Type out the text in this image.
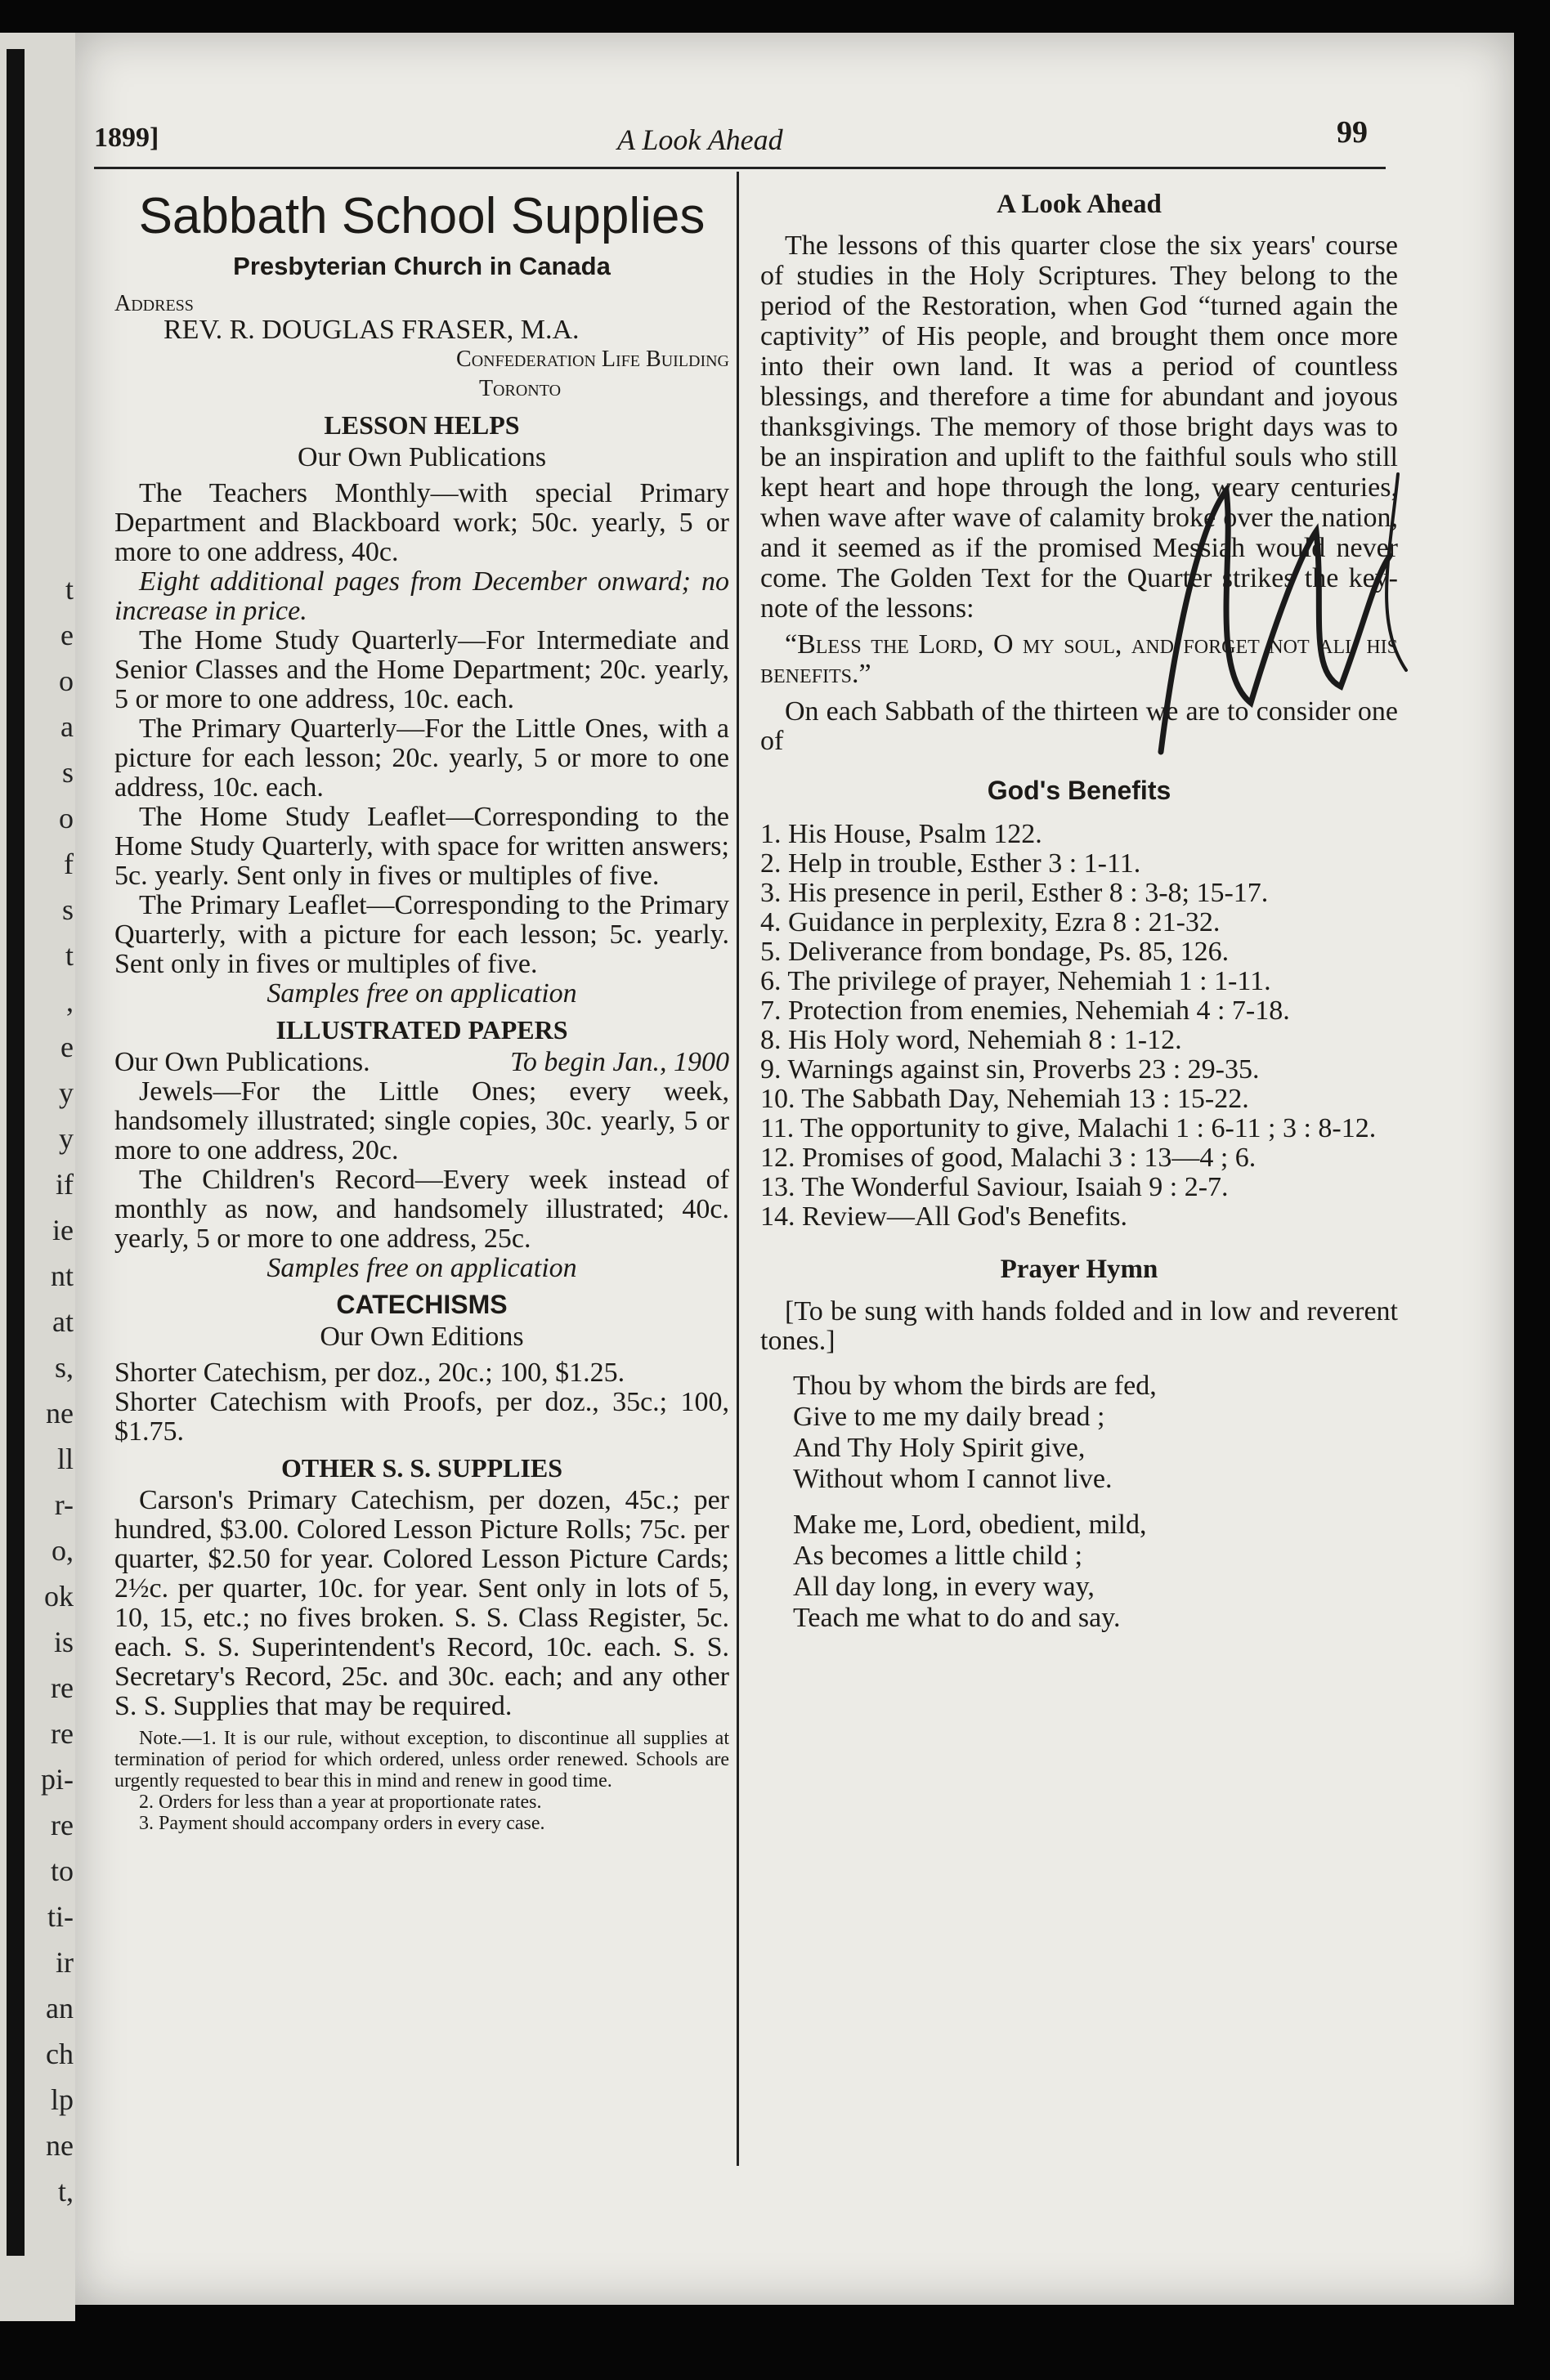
t
e
o
a
s
o
f
s
t
,
e
y
y
if
ie
nt
at
s,
ne
ll
r-
o,
ok
is
re
re
pi-
re
to
ti-
ir
an
ch
lp
ne
t,
1899]	A Look Ahead	99
Sabbath School Supplies
Presbyterian Church in Canada
Address
REV. R. DOUGLAS FRASER, M.A.
Confederation Life Building
Toronto
LESSON HELPS
Our Own Publications

The Teachers Monthly—with special Primary Department and Blackboard work; 50c. yearly, 5 or more to one address, 40c.

Eight additional pages from December onward; no increase in price.

The Home Study Quarterly—For Intermediate and Senior Classes and the Home Department; 20c. yearly, 5 or more to one address, 10c. each.

The Primary Quarterly—For the Little Ones, with a picture for each lesson; 20c. yearly, 5 or more to one address, 10c. each.

The Home Study Leaflet—Corresponding to the Home Study Quarterly, with space for written answers; 5c. yearly. Sent only in fives or multiples of five.

The Primary Leaflet—Corresponding to the Primary Quarterly, with a picture for each lesson; 5c. yearly. Sent only in fives or multiples of five.

Samples free on application
ILLUSTRATED PAPERS
Our Own Publications.	To begin Jan., 1900

Jewels—For the Little Ones; every week, handsomely illustrated; single copies, 30c. yearly, 5 or more to one address, 20c.

The Children's Record—Every week instead of monthly as now, and handsomely illustrated; 40c. yearly, 5 or more to one address, 25c.

Samples free on application
CATECHISMS
Our Own Editions

Shorter Catechism, per doz., 20c.; 100, $1.25.

Shorter Catechism with Proofs, per doz., 35c.; 100, $1.75.

OTHER S. S. SUPPLIES

Carson's Primary Catechism, per dozen, 45c.; per hundred, $3.00. Colored Lesson Picture Rolls; 75c. per quarter, $2.50 for year. Colored Lesson Picture Cards; 2½c. per quarter, 10c. for year. Sent only in lots of 5, 10, 15, etc.; no fives broken. S. S. Class Register, 5c. each. S. S. Superintendent's Record, 10c. each. S. S. Secretary's Record, 25c. and 30c. each; and any other S. S. Supplies that may be required.

Note.—1. It is our rule, without exception, to discontinue all supplies at termination of period for which ordered, unless order renewed. Schools are urgently requested to bear this in mind and renew in good time.

2. Orders for less than a year at proportionate rates.

3. Payment should accompany orders in every case.

A Look Ahead

The lessons of this quarter close the six years' course of studies in the Holy Scriptures. They belong to the period of the Restoration, when God “turned again the captivity” of His people, and brought them once more into their own land. It was a period of countless blessings, and therefore a time for abundant and joyous thanksgivings. The memory of those bright days was to be an inspiration and uplift to the faithful souls who still kept heart and hope through the long, weary centuries, when wave after wave of calamity broke over the nation, and it seemed as if the promised Messiah would never come. The Golden Text for the Quarter strikes the key-note of the lessons:

“Bless the Lord, O my soul, and forget not all his benefits.”

On each Sabbath of the thirteen we are to consider one of

God's Benefits
1. His House, Psalm 122.
2. Help in trouble, Esther 3 : 1-11.
3. His presence in peril, Esther 8 : 3-8; 15-17.
4. Guidance in perplexity, Ezra 8 : 21-32.
5. Deliverance from bondage, Ps. 85, 126.
6. The privilege of prayer, Nehemiah 1 : 1-11.
7. Protection from enemies, Nehemiah 4 : 7-18.
8. His Holy word, Nehemiah 8 : 1-12.
9. Warnings against sin, Proverbs 23 : 29-35.
10. The Sabbath Day, Nehemiah 13 : 15-22.
11. The opportunity to give, Malachi 1 : 6-11 ; 3 : 8-12.
12. Promises of good, Malachi 3 : 13—4 ; 6.
13. The Wonderful Saviour, Isaiah 9 : 2-7.
14. Review—All God's Benefits.
Prayer Hymn

[To be sung with hands folded and in low and reverent tones.]

Thou by whom the birds are fed,
Give to me my daily bread ;
And Thy Holy Spirit give,
Without whom I cannot live.
Make me, Lord, obedient, mild,
As becomes a little child ;
All day long, in every way,
Teach me what to do and say.
